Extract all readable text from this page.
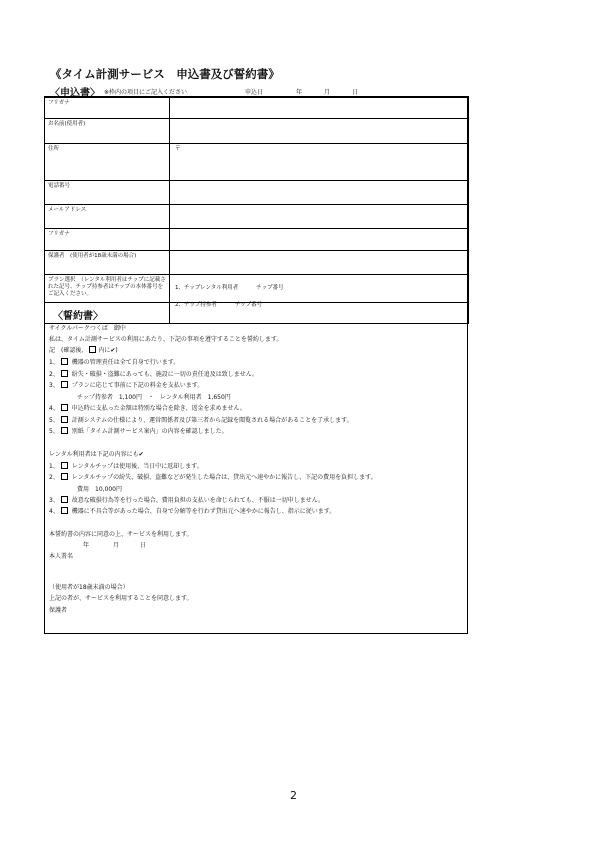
《タイム計測サービス　申込書及び誓約書》
〈申込書〉 ※枠内の項目にご記入ください	申込日	年	月	日
フリガナ	
お名前(使用者)	
住所	〒
電話番号	
メールアドレス	
フリガナ	
保護者　(使用者が18歳未満の場合)	
プラン選択　（レンタル利用者はチップに記載された記号、チップ持参者はチップの本体番号をご記入ください。	1、チップレンタル利用者 チップ番号
2、チップ持参者 チップ番号
〈誓約書〉
サイクルパークつくば　御中
私は、タイム計測サービスの利用にあたり、下記の事項を遵守することを誓約します。
記　(確認後、 内に✔)
1、 機器の管理責任は全て自身で行います。
2、 紛失・破損・盗難にあっても、施設に一切の責任追及は致しません。
3、 プランに応じて事前に下記の料金を支払います。
チップ持参者　1,100円　・　レンタル利用者　1,650円
4、 申込時に支払った金額は特別な場合を除き、返金を求めません。
5、 計測システムの仕様により、運営関係者及び第三者から記録を閲覧される場合があることを了承します。
5、 別紙「タイム計測サービス案内」の内容を確認しました。
レンタル利用者は下記の内容にも✔
1、 レンタルチップは使用後、当日中に返却します。
2、 レンタルチップの紛失、破損、盗難などが発生した場合は、貸出元へ速やかに報告し、下記の費用を負担します。
費用　10,000円
3、 故意な破損行為等を行った場合、費用負担の支払いを命じられても、不服は一切申しません。
4、 機器に不具合等があった場合、自身で分解等を行わず貸出元へ速やかに報告し、指示に従います。
本誓約書の内容に同意の上、サービスを利用します。
年	月	日
本人署名
（使用者が18歳未満の場合）
上記の者が、サービスを利用することを同意します。
保護者
2
